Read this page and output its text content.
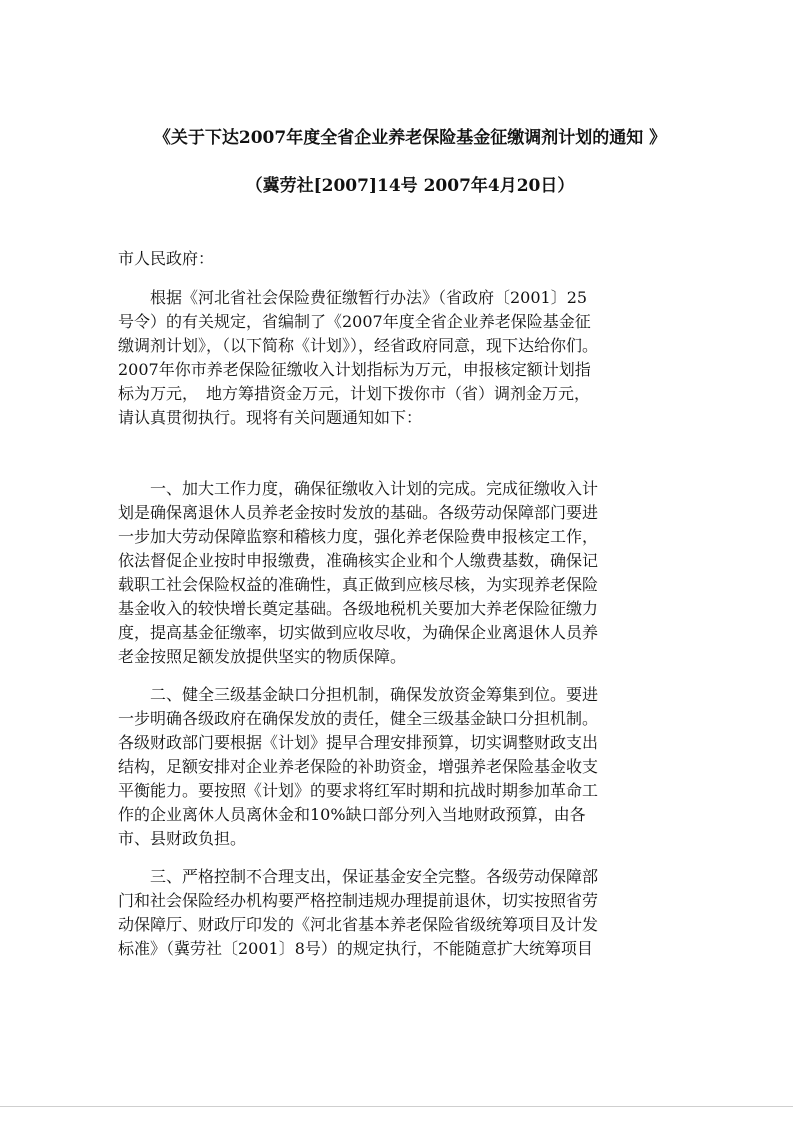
《关于下达2007年度全省企业养老保险基金征缴调剂计划的通知 》
（冀劳社[2007]14号 2007年4月20日）
市人民政府：
　　根据《河北省社会保险费征缴暂行办法》（省政府〔2001〕25
号令）的有关规定，省编制了《2007年度全省企业养老保险基金征
缴调剂计划》，（以下简称《计划》），经省政府同意，现下达给你们。
2007年你市养老保险征缴收入计划指标为万元，申报核定额计划指
标为万元，　地方筹措资金万元，计划下拨你市（省）调剂金万元，
请认真贯彻执行。现将有关问题通知如下：
　　一、加大工作力度，确保征缴收入计划的完成。完成征缴收入计
划是确保离退休人员养老金按时发放的基础。各级劳动保障部门要进
一步加大劳动保障监察和稽核力度，强化养老保险费申报核定工作，
依法督促企业按时申报缴费，准确核实企业和个人缴费基数，确保记
载职工社会保险权益的准确性，真正做到应核尽核，为实现养老保险
基金收入的较快增长奠定基础。各级地税机关要加大养老保险征缴力
度，提高基金征缴率，切实做到应收尽收，为确保企业离退休人员养
老金按照足额发放提供坚实的物质保障。
　　二、健全三级基金缺口分担机制，确保发放资金筹集到位。要进
一步明确各级政府在确保发放的责任，健全三级基金缺口分担机制。
各级财政部门要根据《计划》提早合理安排预算，切实调整财政支出
结构，足额安排对企业养老保险的补助资金，增强养老保险基金收支
平衡能力。要按照《计划》的要求将红军时期和抗战时期参加革命工
作的企业离休人员离休金和10%缺口部分列入当地财政预算，由各
市、县财政负担。
　　三、严格控制不合理支出，保证基金安全完整。各级劳动保障部
门和社会保险经办机构要严格控制违规办理提前退休，切实按照省劳
动保障厅、财政厅印发的《河北省基本养老保险省级统筹项目及计发
标准》（冀劳社〔2001〕8号）的规定执行，不能随意扩大统筹项目
